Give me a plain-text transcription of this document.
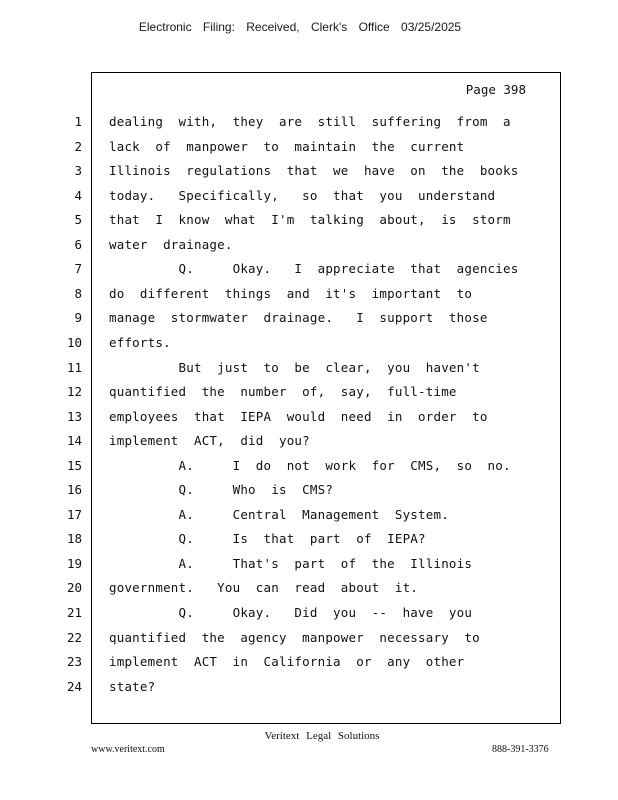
Electronic Filing: Received, Clerk's Office 03/25/2025
Page 398
1 dealing  with,  they  are  still  suffering  from  a
2 lack  of  manpower  to  maintain  the  current
3 Illinois  regulations  that  we  have  on  the  books
4 today.   Specifically,   so  that  you  understand
5 that  I  know  what  I'm  talking  about,  is  storm
6 water  drainage.
7 Q.     Okay.   I  appreciate  that  agencies
8 do  different  things  and  it's  important  to
9 manage  stormwater  drainage.   I  support  those
10 efforts.
11 But  just  to  be  clear,  you  haven't
12 quantified  the  number  of,  say,  full-time
13 employees  that  IEPA  would  need  in  order  to
14 implement  ACT,  did  you?
15 A.     I  do  not  work  for  CMS,  so  no.
16 Q.     Who  is  CMS?
17 A.     Central  Management  System.
18 Q.     Is  that  part  of  IEPA?
19 A.     That's  part  of  the  Illinois
20 government.   You  can  read  about  it.
21 Q.     Okay.   Did  you  --  have  you
22 quantified  the  agency  manpower  necessary  to
23 implement  ACT  in  California  or  any  other
24 state?
Veritext Legal Solutions
www.veritext.com	888-391-3376
